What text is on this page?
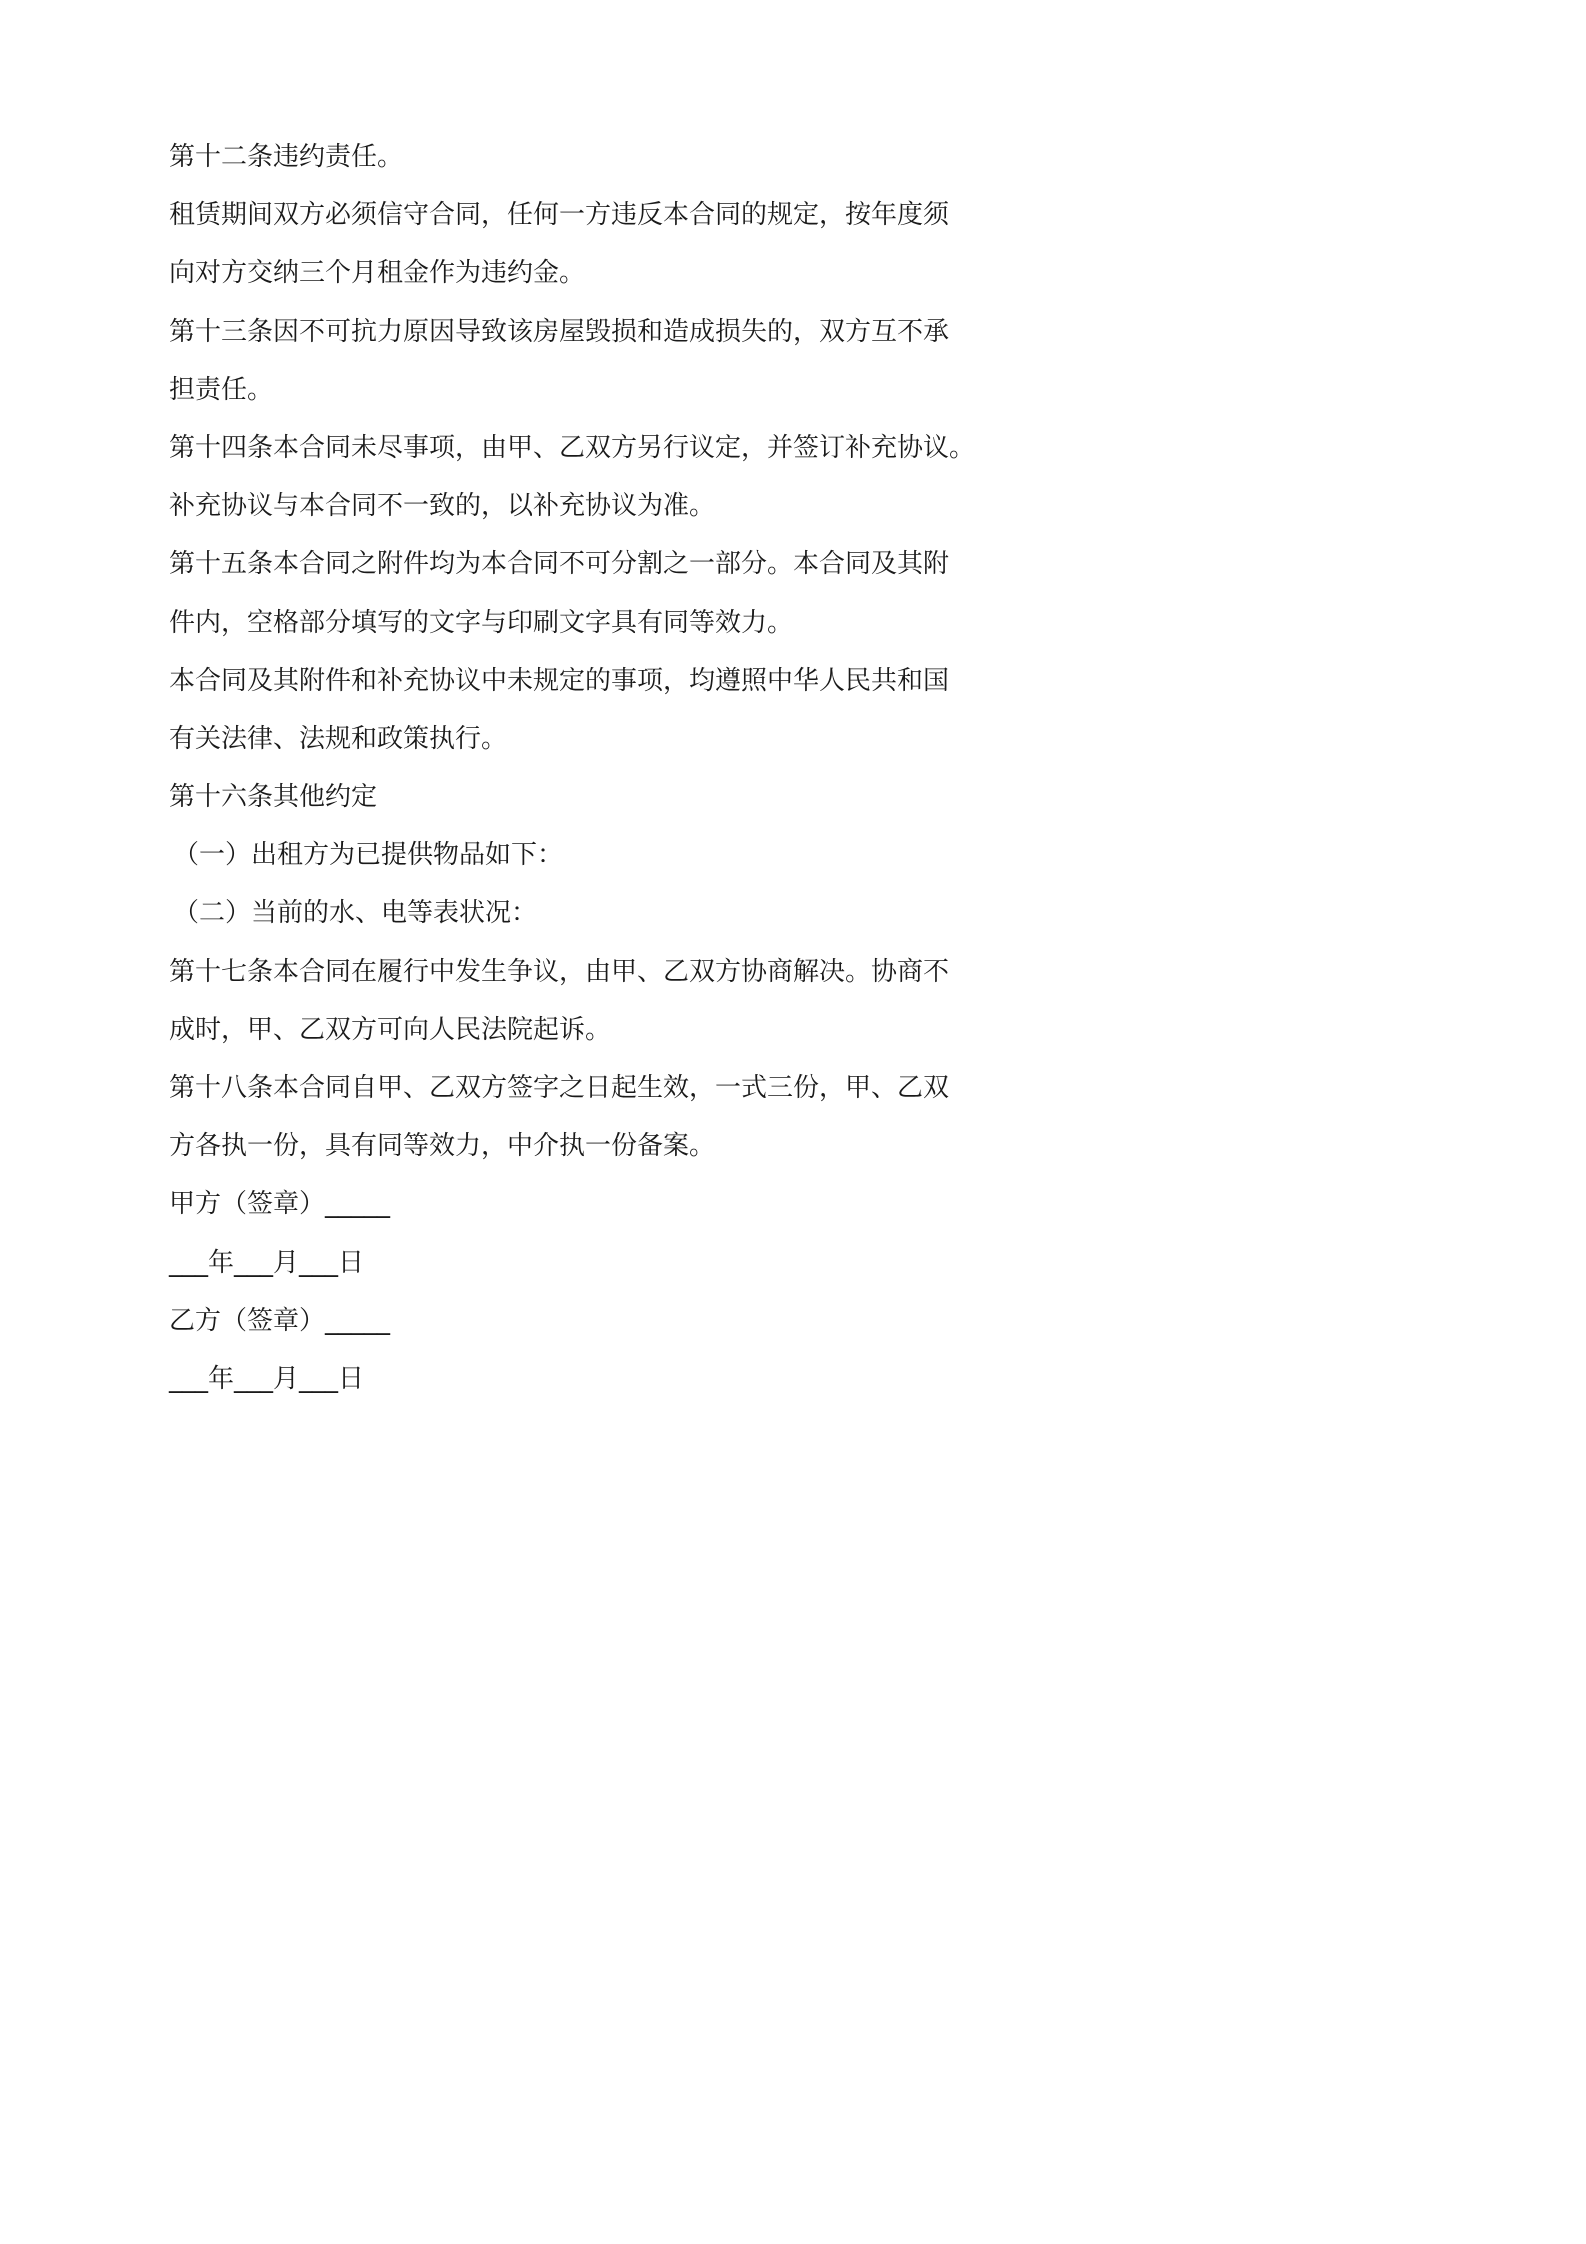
第十二条违约责任。

租赁期间双方必须信守合同，任何一方违反本合同的规定，按年度须

向对方交纳三个月租金作为违约金。

第十三条因不可抗力原因导致该房屋毁损和造成损失的，双方互不承

担责任。

第十四条本合同未尽事项，由甲、乙双方另行议定，并签订补充协议。

补充协议与本合同不一致的，以补充协议为准。

第十五条本合同之附件均为本合同不可分割之一部分。本合同及其附

件内，空格部分填写的文字与印刷文字具有同等效力。

本合同及其附件和补充协议中未规定的事项，均遵照中华人民共和国

有关法律、法规和政策执行。

第十六条其他约定

（一）出租方为已提供物品如下：

（二）当前的水、电等表状况：

第十七条本合同在履行中发生争议，由甲、乙双方协商解决。协商不

成时，甲、乙双方可向人民法院起诉。

第十八条本合同自甲、乙双方签字之日起生效，一式三份，甲、乙双

方各执一份，具有同等效力，中介执一份备案。

甲方（签章）_____

___年___月___日

乙方（签章）_____

___年___月___日
